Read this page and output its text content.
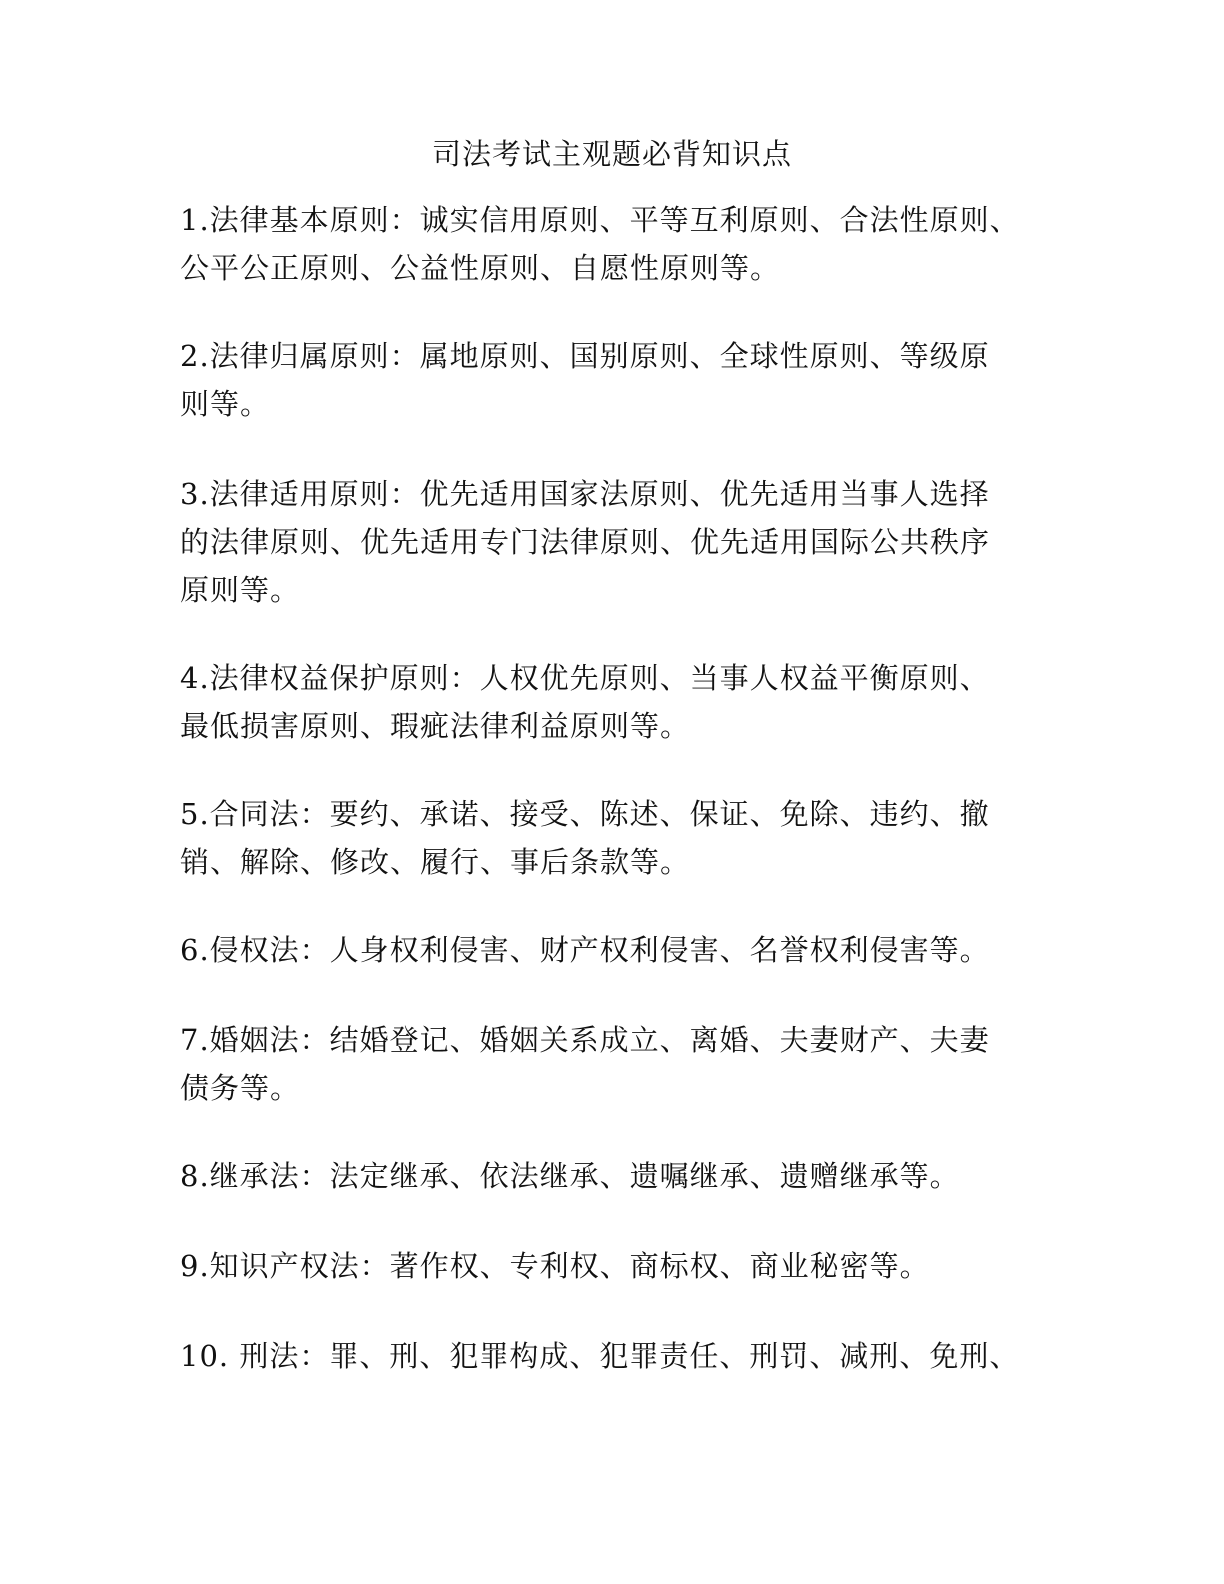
司法考试主观题必背知识点
1.法律基本原则：诚实信用原则、平等互利原则、合法性原则、
公平公正原则、公益性原则、自愿性原则等。
2.法律归属原则：属地原则、国别原则、全球性原则、等级原
则等。
3.法律适用原则：优先适用国家法原则、优先适用当事人选择
的法律原则、优先适用专门法律原则、优先适用国际公共秩序
原则等。
4.法律权益保护原则：人权优先原则、当事人权益平衡原则、
最低损害原则、瑕疵法律利益原则等。
5.合同法：要约、承诺、接受、陈述、保证、免除、违约、撤
销、解除、修改、履行、事后条款等。
6.侵权法：人身权利侵害、财产权利侵害、名誉权利侵害等。
7.婚姻法：结婚登记、婚姻关系成立、离婚、夫妻财产、夫妻
债务等。
8.继承法：法定继承、依法继承、遗嘱继承、遗赠继承等。
9.知识产权法：著作权、专利权、商标权、商业秘密等。
10. 刑法：罪、刑、犯罪构成、犯罪责任、刑罚、减刑、免刑、
